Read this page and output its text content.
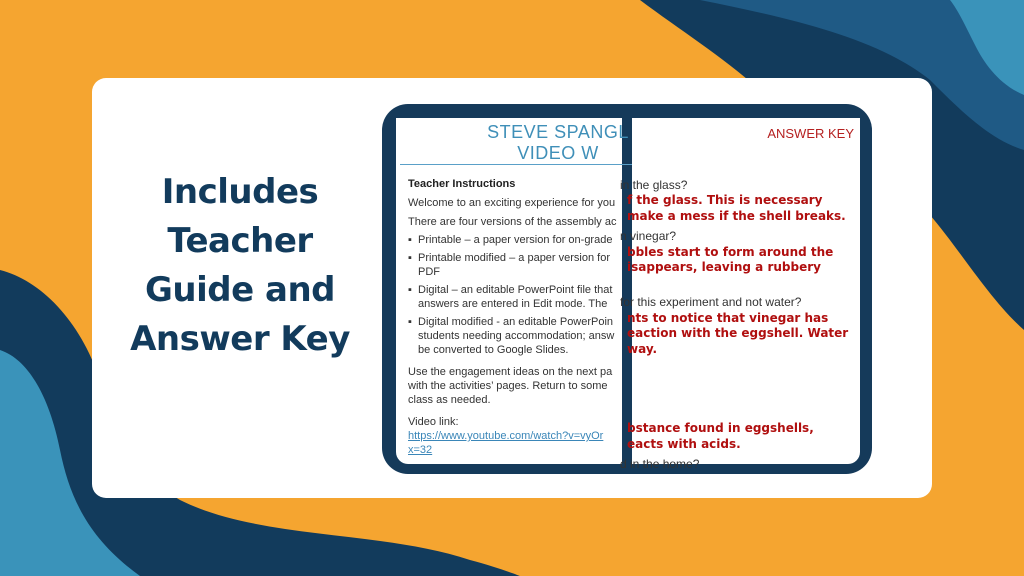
Includes
Teacher
Guide and
Answer Key
STEVE SPANGL
VIDEO W
Teacher Instructions
Welcome to an exciting experience for you
There are four versions of the assembly ac
▪ Printable – a paper version for on-grade
▪ Printable modified – a paper version for
PDF
▪ Digital – an editable PowerPoint file that
answers are entered in Edit mode. The
▪ Digital modified - an editable PowerPoin
students needing accommodation; answ
be converted to Google Slides.
Use the engagement ideas on the next pa
with the activities’ pages. Return to some
class as needed.
Video link:
https://www.youtube.com/watch?v=vyOr
x=32
ANSWER KEY
in the glass?
f the glass. This is necessary
make a mess if the shell breaks.
n vinegar?
bbles start to form around the
isappears, leaving a rubbery
for this experiment and not water?
nts to notice that vinegar has
eaction with the eggshell. Water
way.
bstance found in eggshells,
eacts with acids.
d in the home?
